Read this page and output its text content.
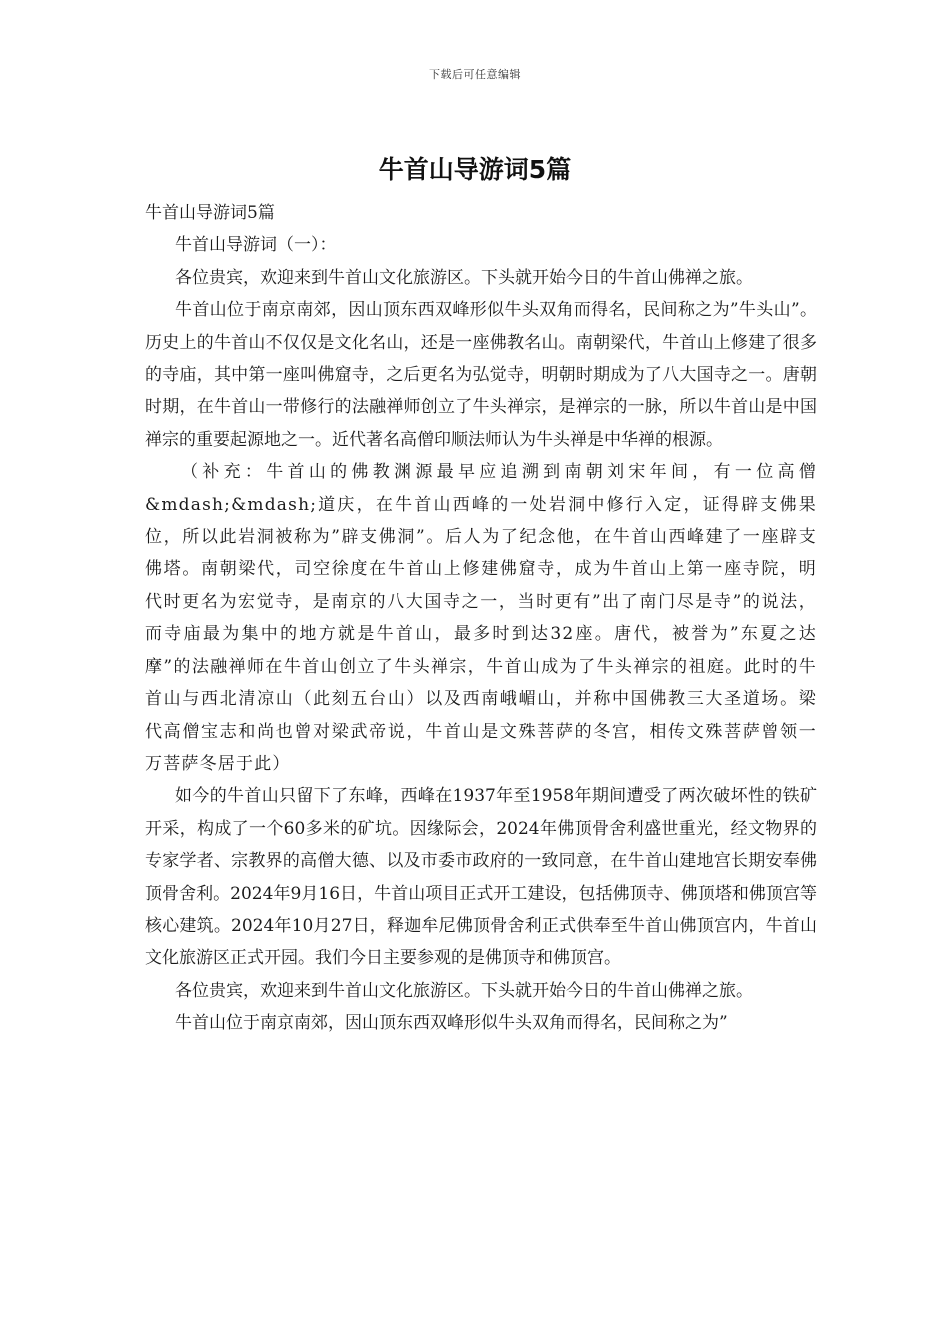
下载后可任意编辑
牛首山导游词5篇

牛首山导游词5篇

牛首山导游词（一）：

各位贵宾，欢迎来到牛首山文化旅游区。下头就开始今日的牛首山佛禅之旅。

牛首山位于南京南郊，因山顶东西双峰形似牛头双角而得名，民间称之为”牛头山”。历史上的牛首山不仅仅是文化名山，还是一座佛教名山。南朝梁代，牛首山上修建了很多的寺庙，其中第一座叫佛窟寺，之后更名为弘觉寺，明朝时期成为了八大国寺之一。唐朝时期，在牛首山一带修行的法融禅师创立了牛头禅宗，是禅宗的一脉，所以牛首山是中国禅宗的重要起源地之一。近代著名高僧印顺法师认为牛头禅是中华禅的根源。

（补充：牛首山的佛教渊源最早应追溯到南朝刘宋年间，有一位高僧&mdash;&mdash;道庆，在牛首山西峰的一处岩洞中修行入定，证得辟支佛果位，所以此岩洞被称为”辟支佛洞”。后人为了纪念他，在牛首山西峰建了一座辟支佛塔。南朝梁代，司空徐度在牛首山上修建佛窟寺，成为牛首山上第一座寺院，明代时更名为宏觉寺，是南京的八大国寺之一，当时更有”出了南门尽是寺”的说法，而寺庙最为集中的地方就是牛首山，最多时到达32座。唐代，被誉为”东夏之达摩”的法融禅师在牛首山创立了牛头禅宗，牛首山成为了牛头禅宗的祖庭。此时的牛首山与西北清凉山（此刻五台山）以及西南峨嵋山，并称中国佛教三大圣道场。梁代高僧宝志和尚也曾对梁武帝说，牛首山是文殊菩萨的冬宫，相传文殊菩萨曾领一万菩萨冬居于此）

如今的牛首山只留下了东峰，西峰在1937年至1958年期间遭受了两次破坏性的铁矿开采，构成了一个60多米的矿坑。因缘际会，2024年佛顶骨舍利盛世重光，经文物界的专家学者、宗教界的高僧大德、以及市委市政府的一致同意，在牛首山建地宫长期安奉佛顶骨舍利。2024年9月16日，牛首山项目正式开工建设，包括佛顶寺、佛顶塔和佛顶宫等核心建筑。2024年10月27日，释迦牟尼佛顶骨舍利正式供奉至牛首山佛顶宫内，牛首山文化旅游区正式开园。我们今日主要参观的是佛顶寺和佛顶宫。

各位贵宾，欢迎来到牛首山文化旅游区。下头就开始今日的牛首山佛禅之旅。

牛首山位于南京南郊，因山顶东西双峰形似牛头双角而得名，民间称之为”
